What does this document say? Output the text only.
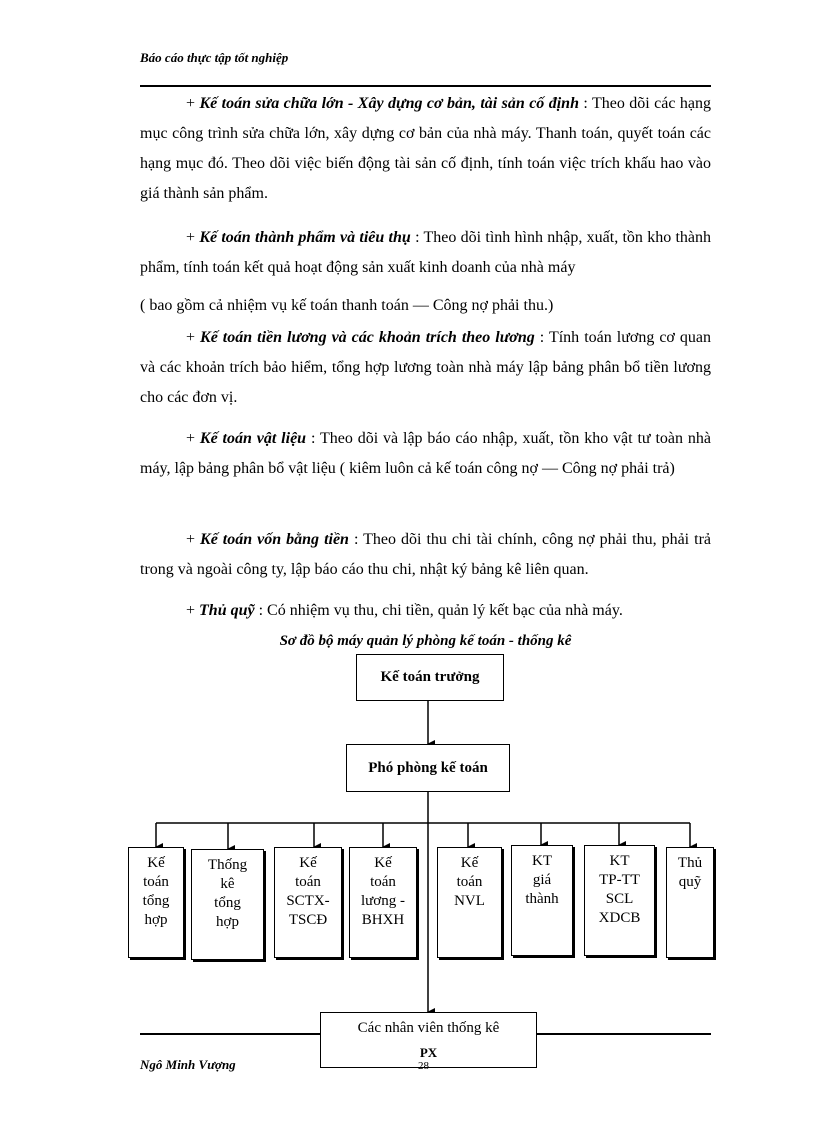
Báo cáo thực tập tốt nghiệp
+ Kế toán sửa chữa lớn - Xây dựng cơ bản, tài sản cố định : Theo dõi các hạng mục công trình sửa chữa lớn, xây dựng cơ bản của nhà máy. Thanh toán, quyết toán các hạng mục đó. Theo dõi việc biến động tài sản cố định, tính toán việc trích khấu hao vào giá thành sản phẩm.
+ Kế toán thành phẩm và tiêu thụ : Theo dõi tình hình nhập, xuất, tồn kho thành phẩm, tính toán kết quả hoạt động sản xuất kinh doanh của nhà máy
( bao gồm cả nhiệm vụ kế toán thanh toán — Công nợ phải thu.)
+ Kế toán tiền lương và các khoản trích theo lương : Tính toán lương cơ quan và các khoản trích bảo hiểm, tổng hợp lương toàn nhà máy lập bảng phân bổ tiền lương cho các đơn vị.
+ Kế toán vật liệu : Theo dõi và lập báo cáo nhập, xuất, tồn kho vật tư toàn nhà máy, lập bảng phân bổ vật liệu ( kiêm luôn cả kế toán công nợ — Công nợ phải trả)
+ Kế toán vốn bằng tiền : Theo dõi thu chi tài chính, công nợ phải thu, phải trả trong và ngoài công ty, lập báo cáo thu chi, nhật ký bảng kê liên quan.
+ Thủ quỹ : Có nhiệm vụ thu, chi tiền, quản lý kết bạc của nhà máy.
Sơ đồ bộ máy quản lý phòng kế toán - thống kê
Kế toán trưởng
Phó phòng kế toán
Kế
toán
tổng
hợp
Thống
kê
tổng
hợp
Kế
toán
SCTX-
TSCĐ
Kế
toán
lương -
BHXH
Kế
toán
NVL
KT
giá
thành
KT
TP-TT
SCL
XDCB
Thủ
quỹ
Các nhân viên thống kê
PX
Ngô Minh Vượng	28
